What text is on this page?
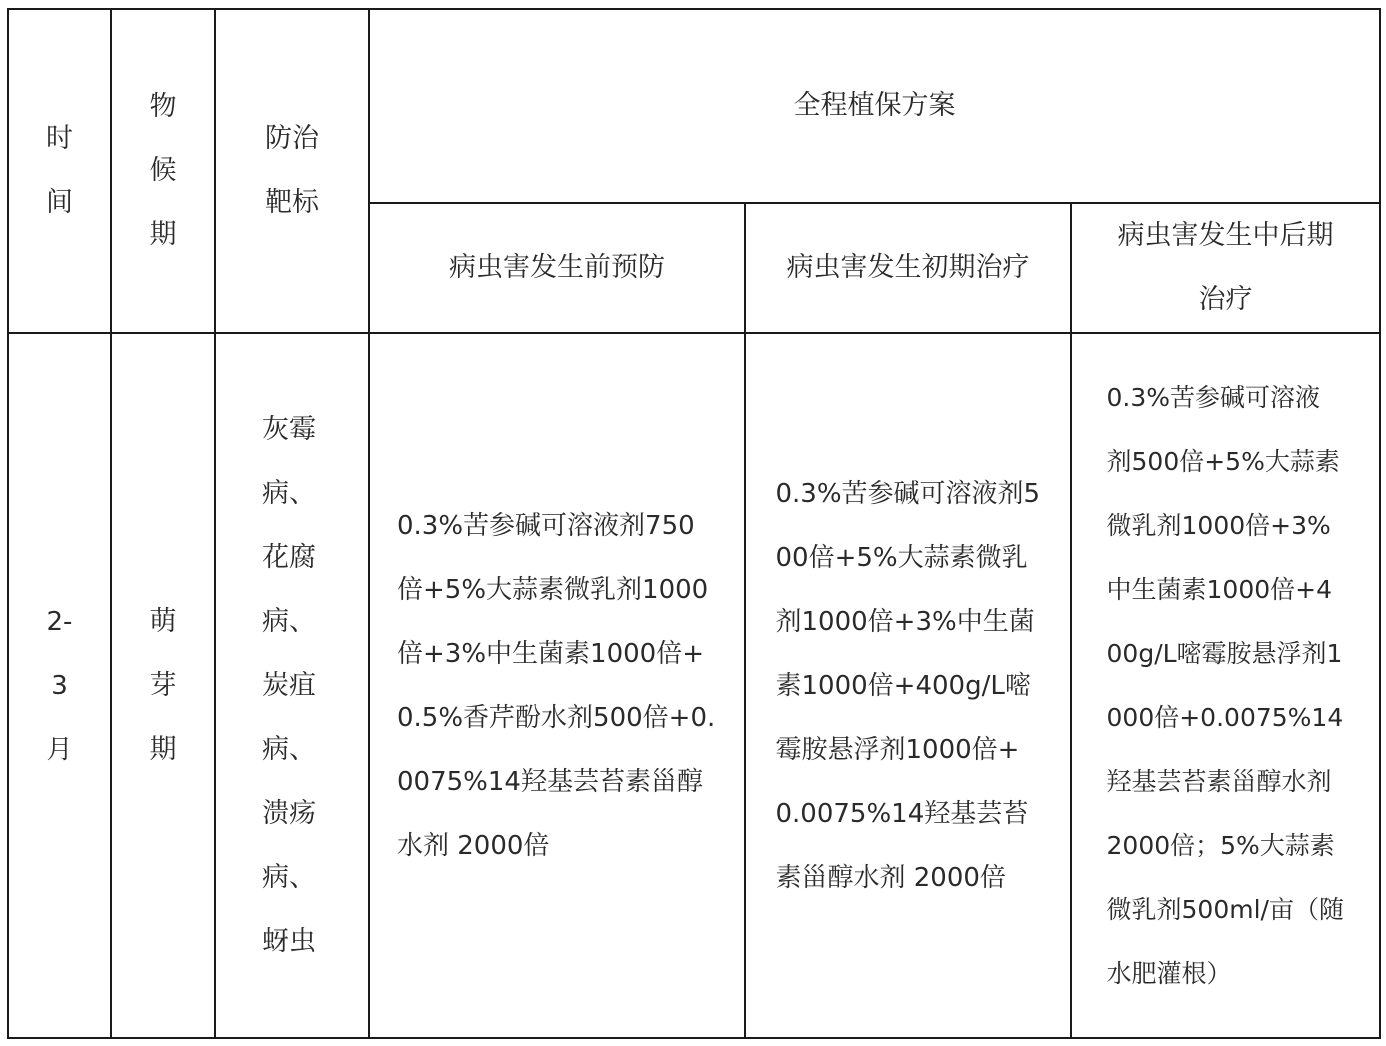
时间	物候期	防治靶标	全程植保方案		
			病虫害发生前预防	病虫害发生初期治疗	病虫害发生中后期治疗
2-3月	萌芽期	灰霉病、花腐病、炭疽病、溃疡病、蚜虫	0.3%苦参碱可溶液剂750倍+5%大蒜素微乳剂1000倍+3%中生菌素1000倍+0.5%香芹酚水剂500倍+0.0075%14羟基芸苔素甾醇水剂 2000倍	0.3%苦参碱可溶液剂500倍+5%大蒜素微乳剂1000倍+3%中生菌素1000倍+400g/L嘧霉胺悬浮剂1000倍+0.0075%14羟基芸苔素甾醇水剂 2000倍	0.3%苦参碱可溶液剂500倍+5%大蒜素微乳剂1000倍+3%中生菌素1000倍+400g/L嘧霉胺悬浮剂1000倍+0.0075%14羟基芸苔素甾醇水剂2000倍；5%大蒜素微乳剂500ml/亩（随水肥灌根）
